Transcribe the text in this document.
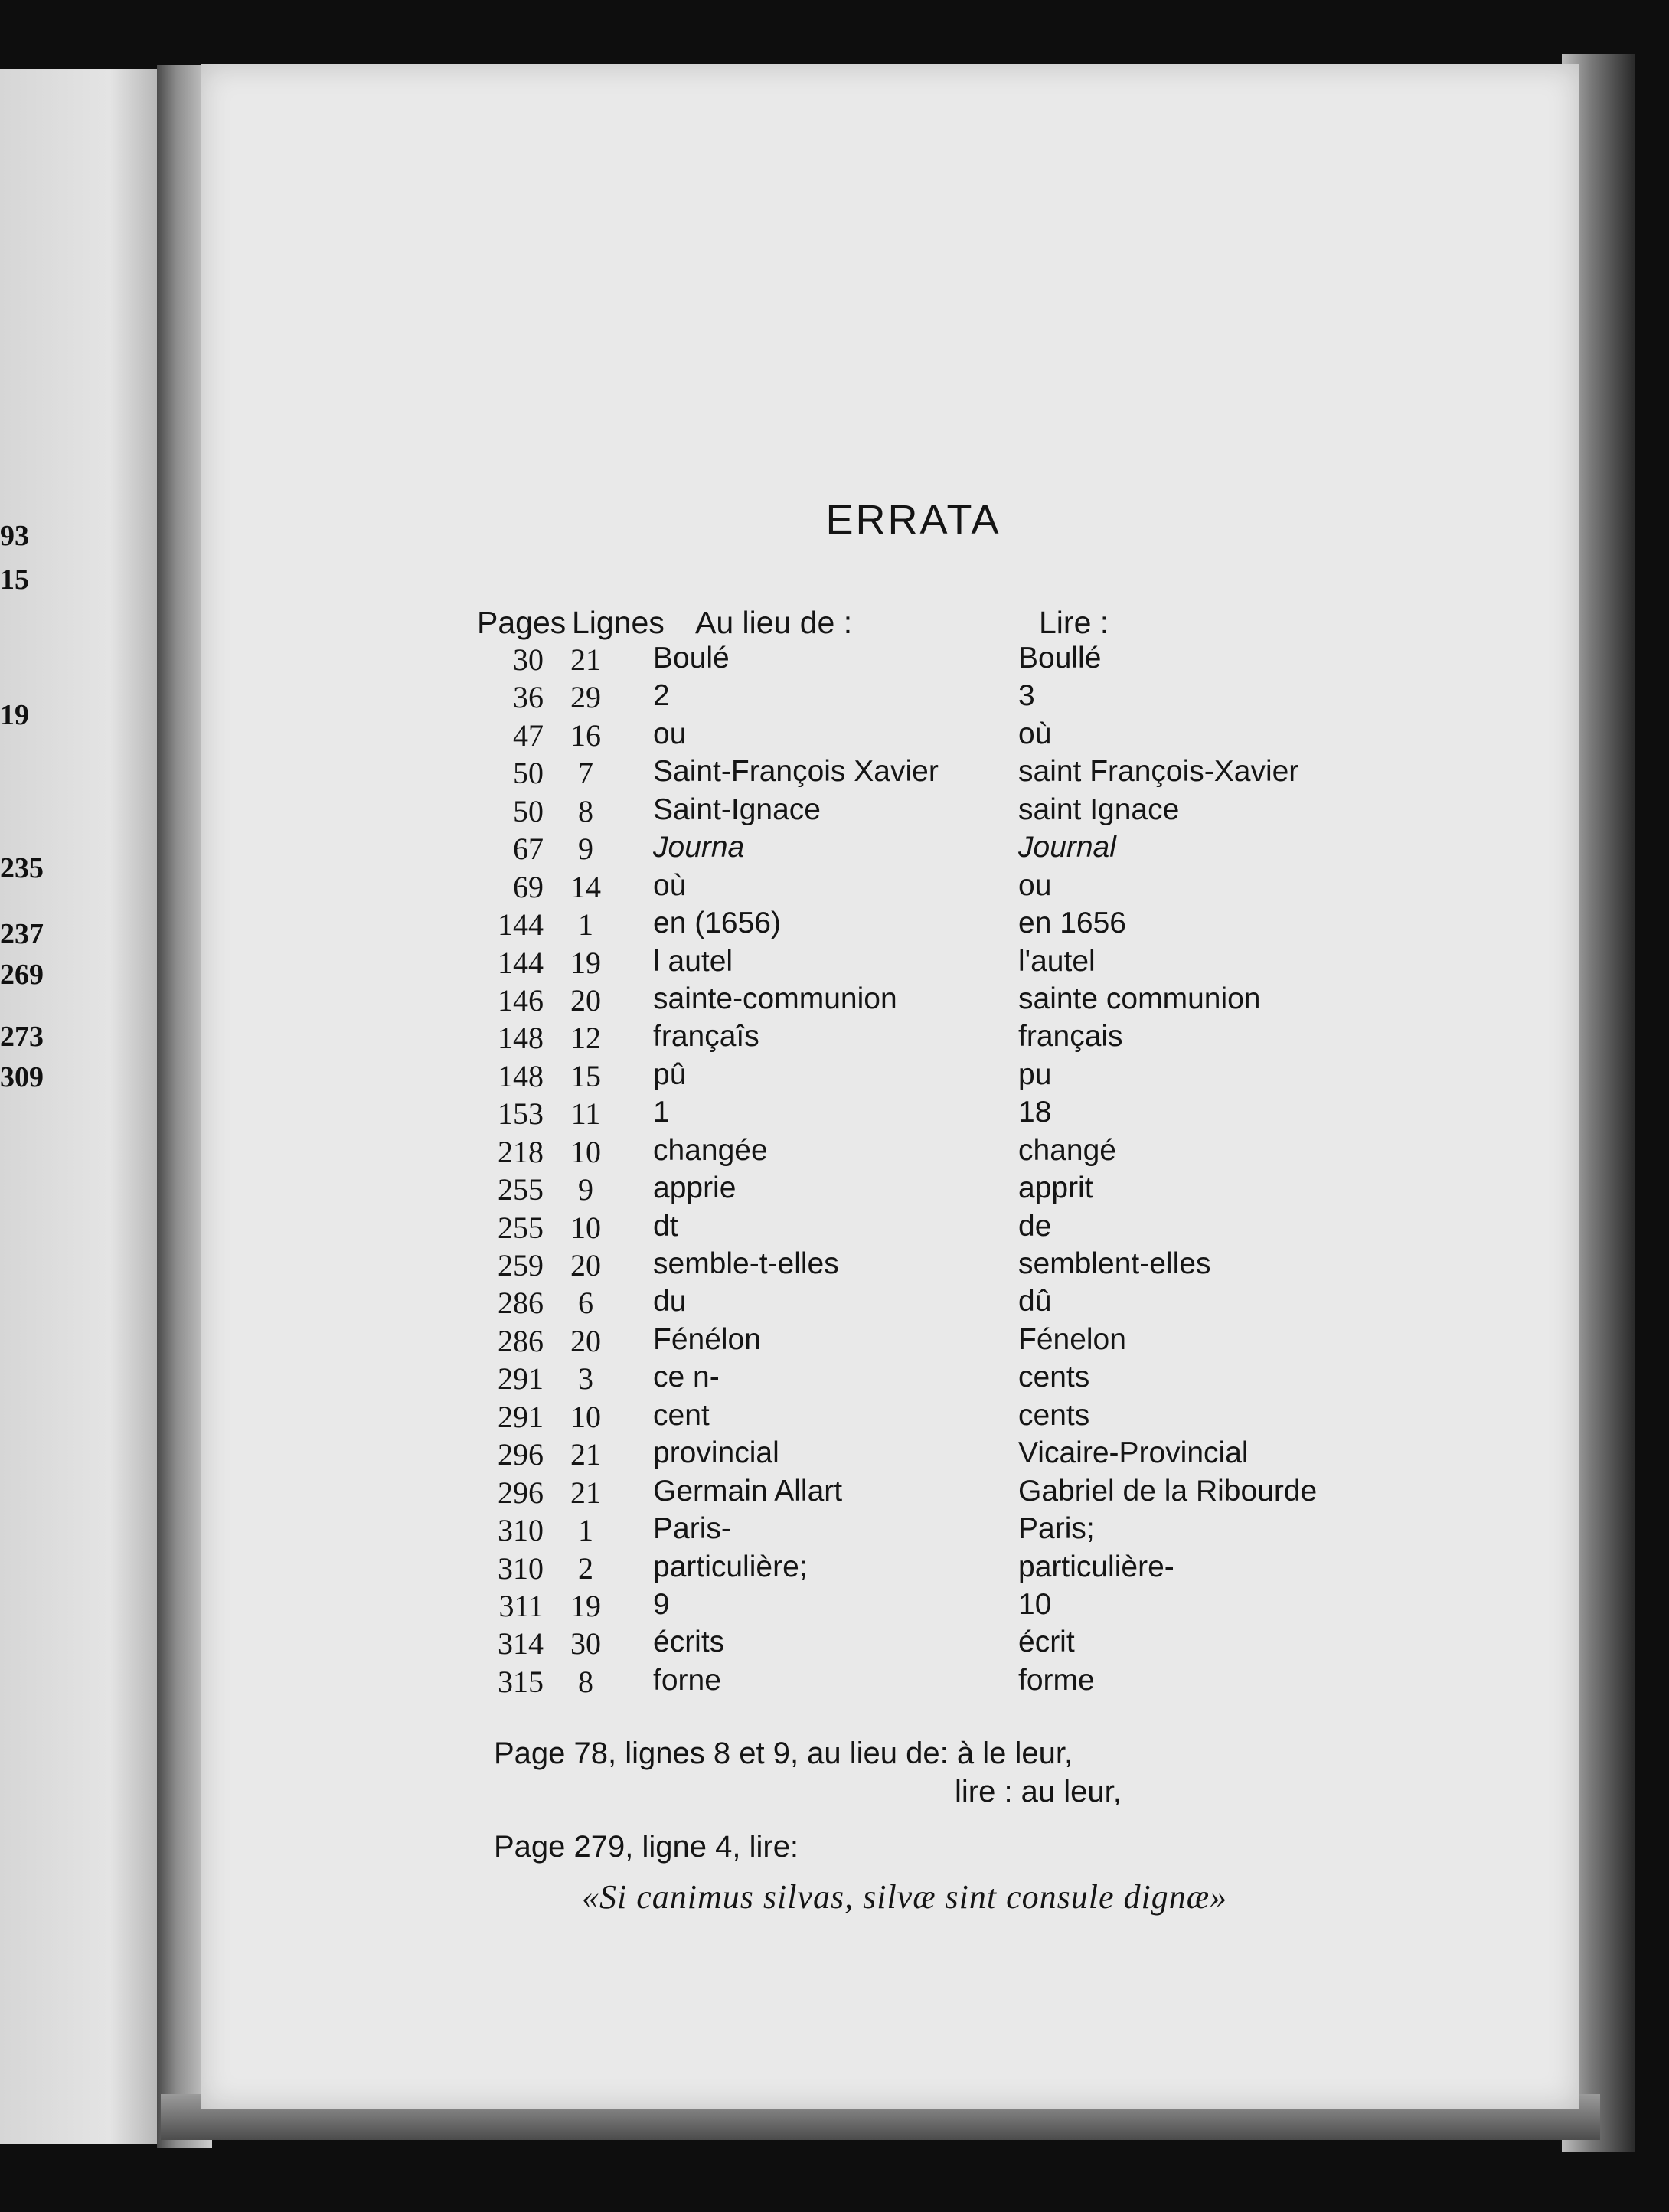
93
15
19
235
237
269
273
309
ERRATA
Pages Lignes Au lieu de :	Lire :
30 21 Boulé	Boullé
36 29 2	3
47 16 ou	où
50	7	Saint-François Xavier	saint François-Xavier
50	8	Saint-Ignace	saint Ignace
67	9	Journa	Journal
69 14 où	ou
144	1	en (1656)	en 1656
144 19 l autel	l'autel
146 20 sainte-communion	sainte communion
148 12 françaîs	français
148 15 pû	pu
153 11 1	18
218 10 changée	changé
255	9	apprie	apprit
255 10 dt	de
259 20 semble-t-elles	semblent-elles
286	6	du	dû
286 20 Fénélon	Fénelon
291	3	ce n-	cents
291 10 cent	cents
296 21 provincial	Vicaire-Provincial
296 21 Germain Allart	Gabriel de la Ribourde
310	1	Paris-	Paris;
310	2	particulière;	particulière-
311 19 9	10
314 30 écrits	écrit
315	8	forne	forme
Page 78, lignes 8 et 9, au lieu de: à le leur,
lire : au leur,
Page 279, ligne 4, lire:
«Si canimus silvas, silvæ sint consule dignæ»
